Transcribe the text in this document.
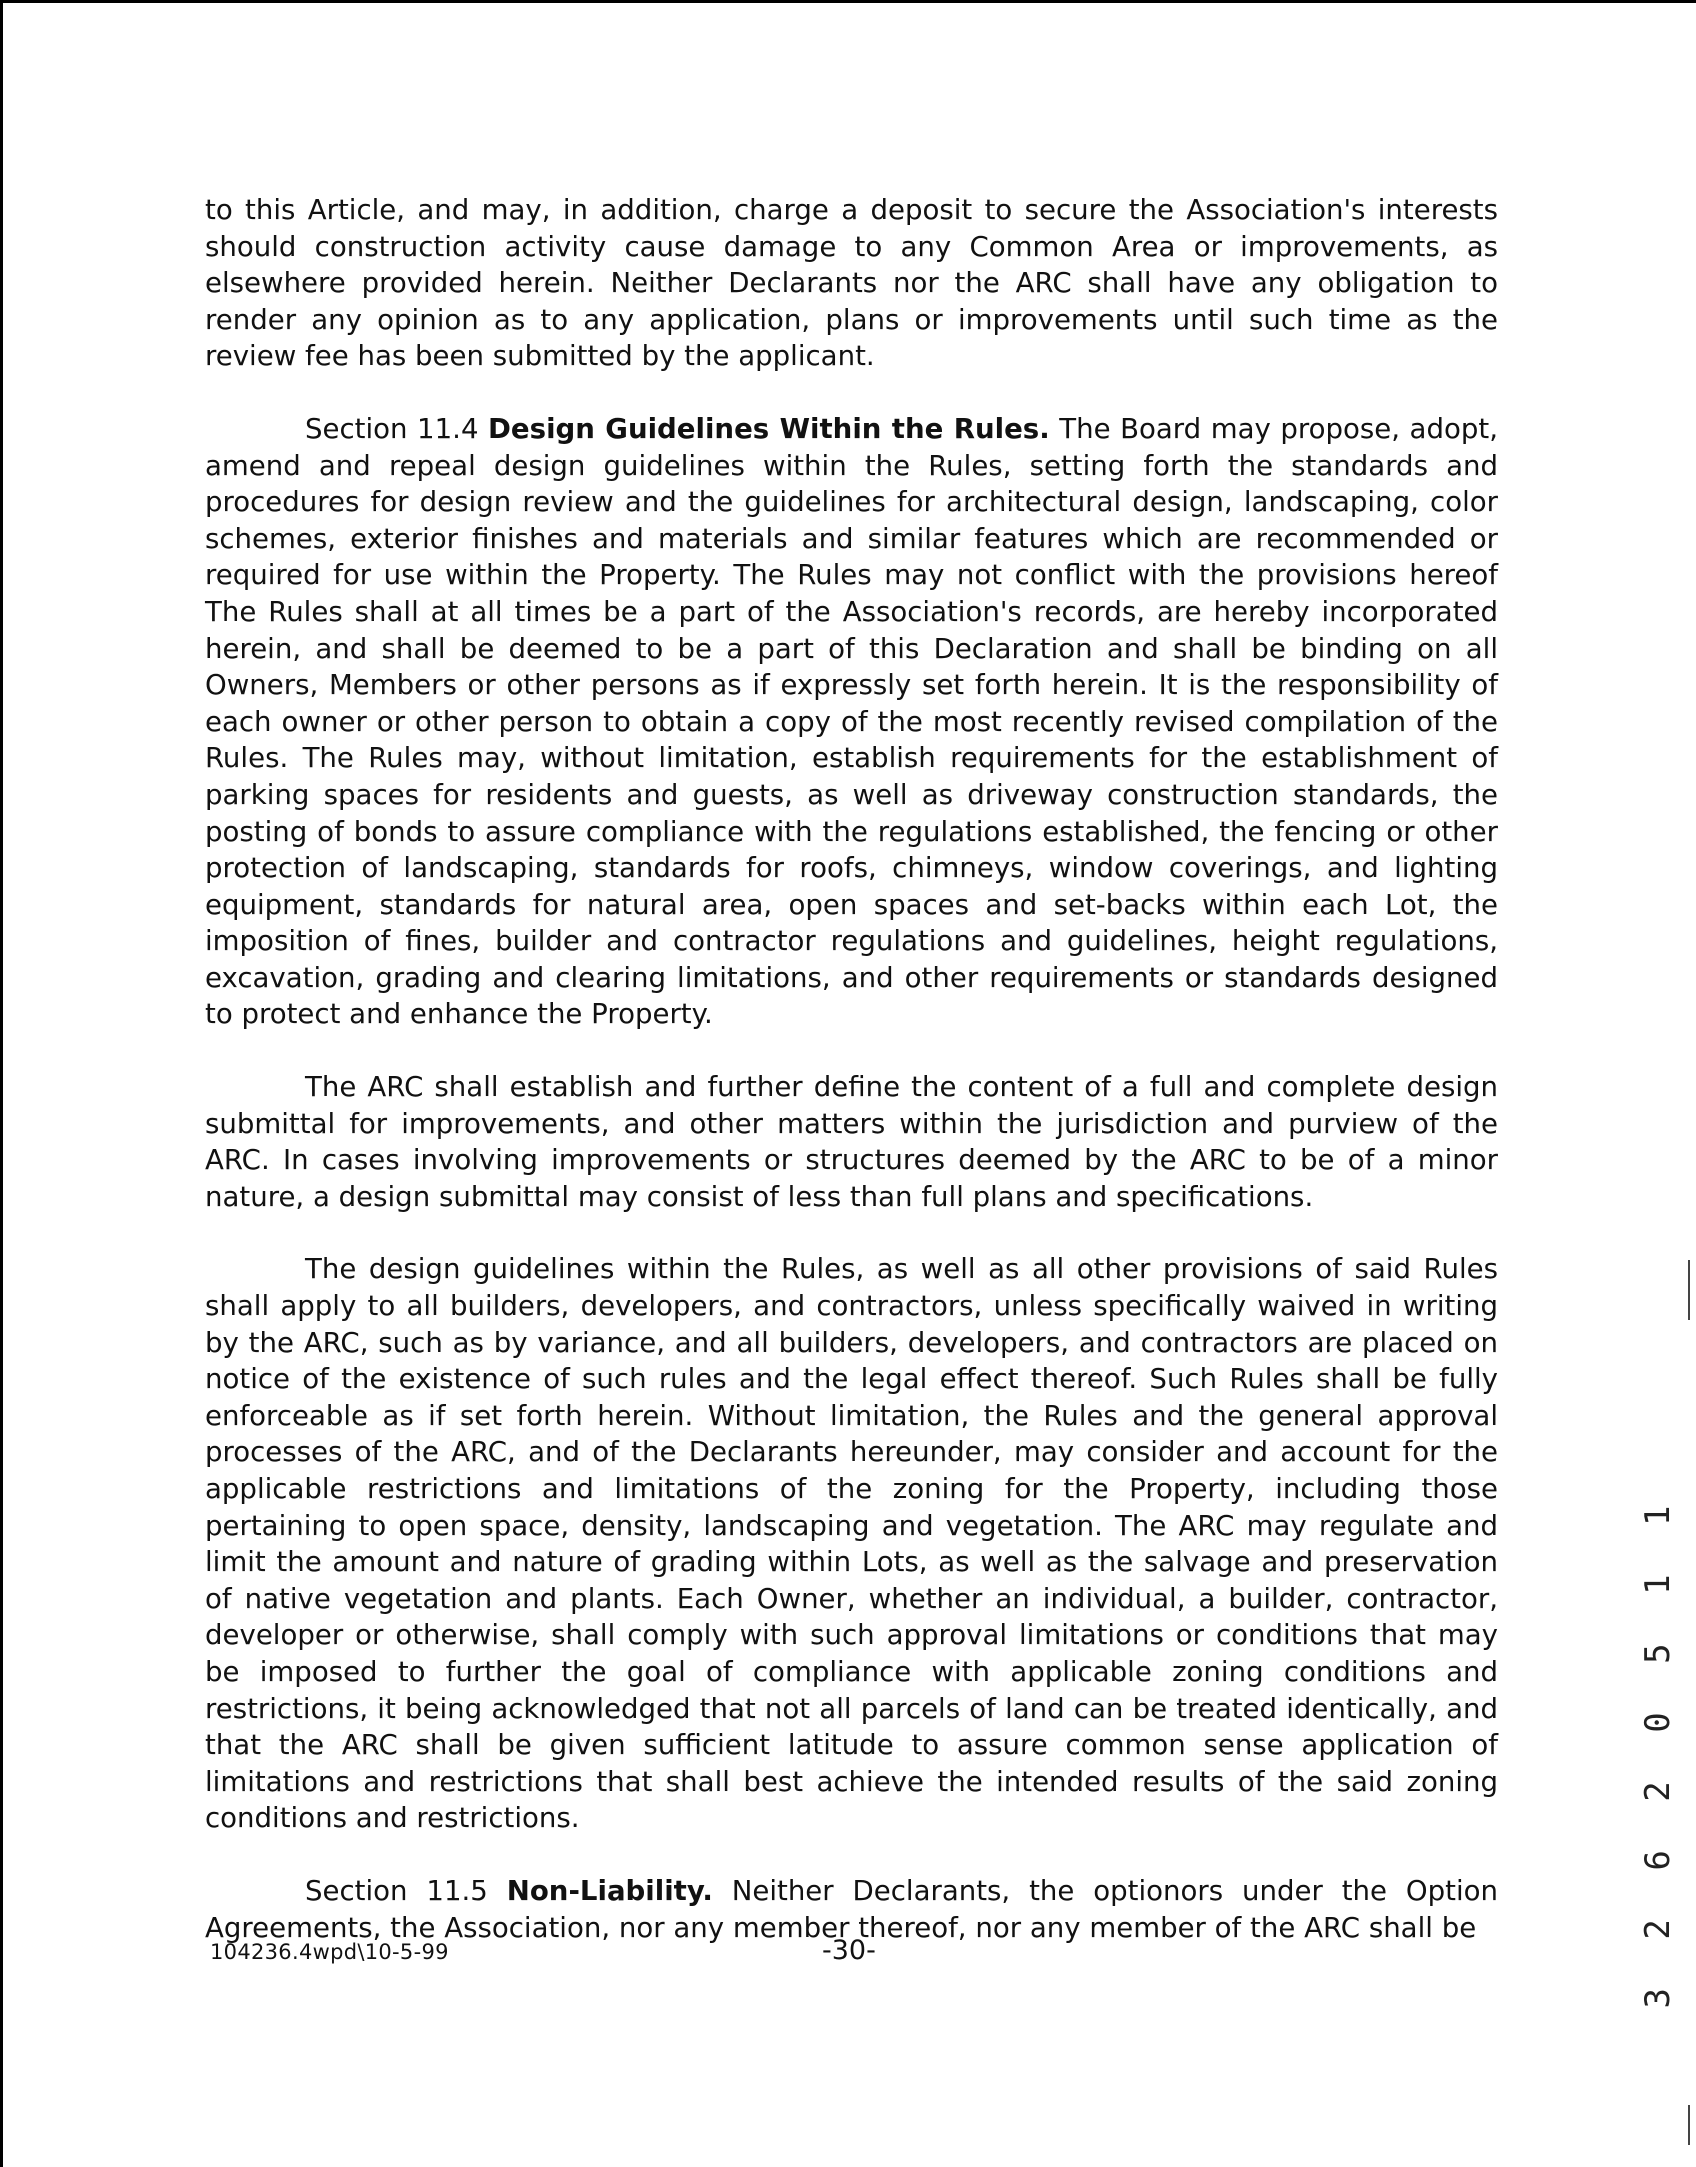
to this Article, and may, in addition, charge a deposit to secure the Association's interests should construction activity cause damage to any Common Area or improvements, as elsewhere provided herein. Neither Declarants nor the ARC shall have any obligation to render any opinion as to any application, plans or improvements until such time as the review fee has been submitted by the applicant.

Section 11.4 Design Guidelines Within the Rules. The Board may propose, adopt, amend and repeal design guidelines within the Rules, setting forth the standards and procedures for design review and the guidelines for architectural design, landscaping, color schemes, exterior finishes and materials and similar features which are recommended or required for use within the Property. The Rules may not conflict with the provisions hereof The Rules shall at all times be a part of the Association's records, are hereby incorporated herein, and shall be deemed to be a part of this Declaration and shall be binding on all Owners, Members or other persons as if expressly set forth herein. It is the responsibility of each owner or other person to obtain a copy of the most recently revised compilation of the Rules. The Rules may, without limitation, establish requirements for the establishment of parking spaces for residents and guests, as well as driveway construction standards, the posting of bonds to assure compliance with the regulations established, the fencing or other protection of landscaping, standards for roofs, chimneys, window coverings, and lighting equipment, standards for natural area, open spaces and set-backs within each Lot, the imposition of fines, builder and contractor regulations and guidelines, height regulations, excavation, grading and clearing limitations, and other requirements or standards designed to protect and enhance the Property.

The ARC shall establish and further define the content of a full and complete design submittal for improvements, and other matters within the jurisdiction and purview of the ARC. In cases involving improvements or structures deemed by the ARC to be of a minor nature, a design submittal may consist of less than full plans and specifications.

The design guidelines within the Rules, as well as all other provisions of said Rules shall apply to all builders, developers, and contractors, unless specifically waived in writing by the ARC, such as by variance, and all builders, developers, and contractors are placed on notice of the existence of such rules and the legal effect thereof. Such Rules shall be fully enforceable as if set forth herein. Without limitation, the Rules and the general approval processes of the ARC, and of the Declarants hereunder, may consider and account for the applicable restrictions and limitations of the zoning for the Property, including those pertaining to open space, density, landscaping and vegetation. The ARC may regulate and limit the amount and nature of grading within Lots, as well as the salvage and preservation of native vegetation and plants. Each Owner, whether an individual, a builder, contractor, developer or otherwise, shall comply with such approval limitations or conditions that may be imposed to further the goal of compliance with applicable zoning conditions and restrictions, it being acknowledged that not all parcels of land can be treated identically, and that the ARC shall be given sufficient latitude to assure common sense application of limitations and restrictions that shall best achieve the intended results of the said zoning conditions and restrictions.

Section 11.5 Non-Liability. Neither Declarants, the optionors under the Option Agreements, the Association, nor any member thereof, nor any member of the ARC shall be

104236.4wpd\10-5-99	-30-	3 2 6 2 0 5 1 1
